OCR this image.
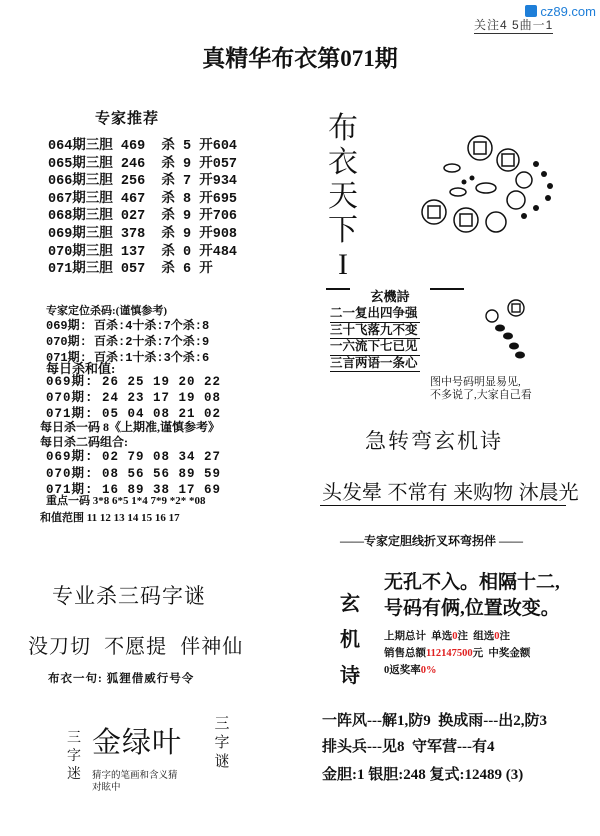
cz89.com
关注4 5曲一1
真精华布衣第071期
专家推荐
064期三胆 469  杀 5 开604
065期三胆 246  杀 9 开057
066期三胆 256  杀 7 开934
067期三胆 467  杀 8 开695
068期三胆 027  杀 9 开706
069期三胆 378  杀 9 开908
070期三胆 137  杀 0 开484
071期三胆 057  杀 6 开
专家定位杀码:(谨慎参考)
069期: 百杀:4十杀:7个杀:8
070期: 百杀:2十杀:7个杀:9
071期: 百杀:1十杀:3个杀:6
每日杀和值:
069期: 26 25 19 20 22
070期: 24 23 17 19 08
071期: 05 04 08 21 02
每日杀一码 8《上期准,谨慎参考》
每日杀二码组合:
069期: 02 79 08 34 27
070期: 08 56 56 89 59
071期: 16 89 38 17 69
重点一码 3*8 6*5 1*4 7*9 *2* *08
和值范围 11 12 13 14 15 16 17
布
衣
天
下
I
玄機詩
二一复出四争强
三十飞落九不变
一六流下七已见
三言两语一条心
图中号码明显易见,
不多说了,大家自己看
急转弯玄机诗
头发晕 不常有 来购物 沐晨光
——专家定胆线折叉环弯拐伴 ——
玄
机
诗
无孔不入。相隔十二,
号码有俩,位置改变。
上期总计  单选0注  组选0注
销售总额112147500元  中奖金额
0返奖率0%
一阵风---解1,防9  换成雨---出2,防3
排头兵---见8  守军营---有4
金胆:1 银胆:248 复式:12489 (3)
专业杀三码字谜
没刀切  不愿提  伴神仙
布衣一句: 狐狸借威行号令
三
字
迷
金绿叶
猜字的笔画和含义猜
对眩中
三
字
谜
